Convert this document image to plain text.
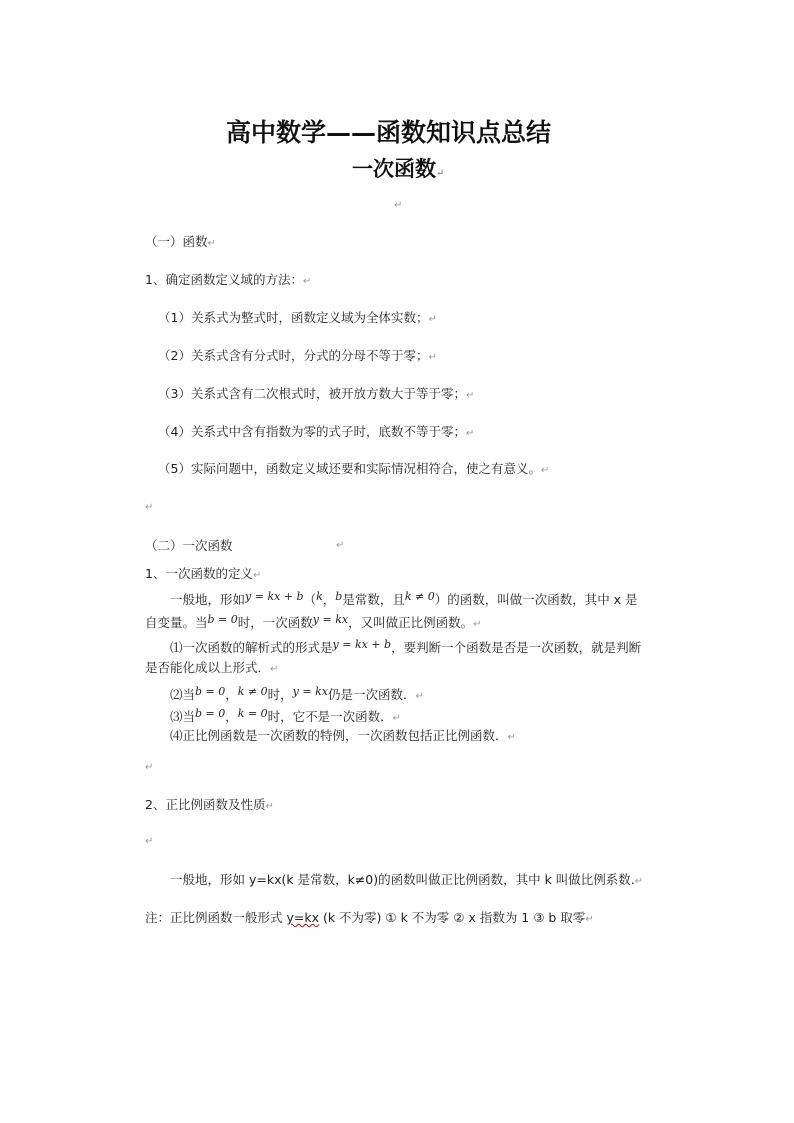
高中数学——函数知识点总结
一次函数↵
↵
（一）函数↵
1、确定函数定义域的方法：↵
（1）关系式为整式时，函数定义域为全体实数；↵
（2）关系式含有分式时，分式的分母不等于零；↵
（3）关系式含有二次根式时，被开放方数大于等于零；↵
（4）关系式中含有指数为零的式子时，底数不等于零；↵
（5）实际问题中，函数定义域还要和实际情况相符合，使之有意义。↵
↵
（二）一次函数	↵
1、一次函数的定义↵
一般地，形如y = kx + b（k，b是常数，且k ≠ 0）的函数，叫做一次函数，其中 x 是
自变量。当b = 0时，一次函数y = kx，又叫做正比例函数。↵
⑴一次函数的解析式的形式是y = kx + b，要判断一个函数是否是一次函数，就是判断
是否能化成以上形式．↵
⑵当b = 0，k ≠ 0时，y = kx仍是一次函数．↵
⑶当b = 0，k = 0时，它不是一次函数．↵
⑷正比例函数是一次函数的特例，一次函数包括正比例函数．↵
↵
2、正比例函数及性质↵
↵
一般地，形如 y=kx(k 是常数，k≠0)的函数叫做正比例函数，其中 k 叫做比例系数.↵
注：正比例函数一般形式 y=kx (k 不为零) ① k 不为零 ② x 指数为 1 ③ b 取零↵
